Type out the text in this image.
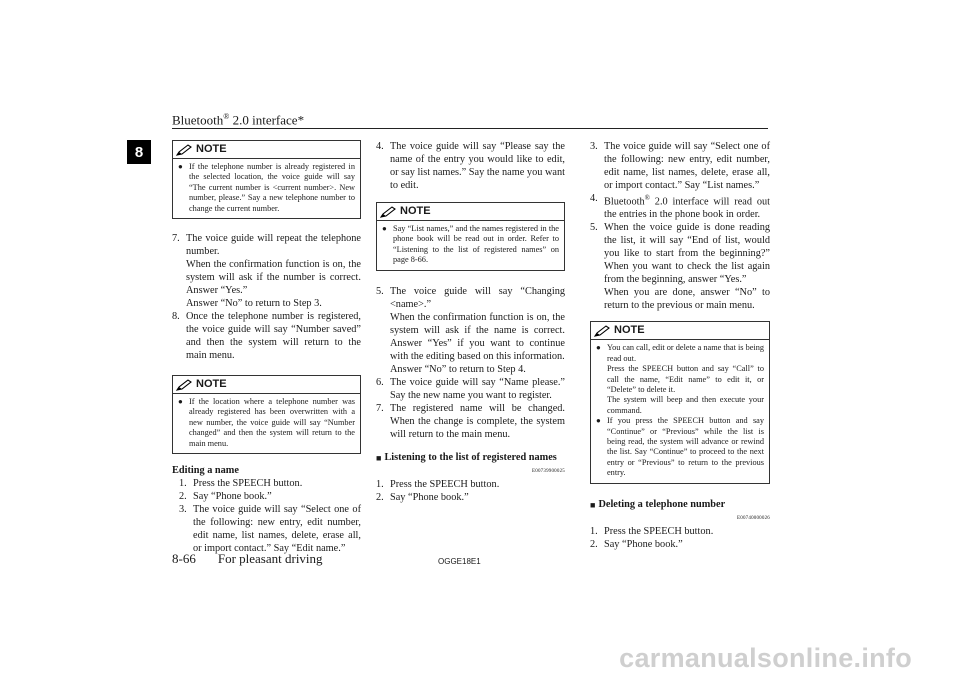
Bluetooth® 2.0 interface*
8	NOTE
● If the telephone number is already registered in the selected location, the voice guide will say “The current number is <current number>. New number, please.” Say a new telephone number to change the current number.
7. The voice guide will repeat the telephone number.
When the confirmation function is on, the system will ask if the number is correct. Answer “Yes.”
Answer “No” to return to Step 3.
8. Once the telephone number is registered, the voice guide will say “Number saved” and then the system will return to the main menu.
NOTE
● If the location where a telephone number was already registered has been overwritten with a new number, the voice guide will say “Number changed” and then the system will return to the main menu.
Editing a name
1. Press the SPEECH button.
2. Say “Phone book.”
3. The voice guide will say “Select one of the following: new entry, edit number, edit name, list names, delete, erase all, or import contact.” Say “Edit name.”
4. The voice guide will say “Please say the name of the entry you would like to edit, or say list names.” Say the name you want to edit.
NOTE
● Say “List names,” and the names registered in the phone book will be read out in order. Refer to “Listening to the list of registered names” on page 8-66.
5. The voice guide will say “Changing <name>.”
When the confirmation function is on, the system will ask if the name is correct. Answer “Yes” if you want to continue with the editing based on this information.
Answer “No” to return to Step 4.
6. The voice guide will say “Name please.” Say the new name you want to register.
7. The registered name will be changed. When the change is complete, the system will return to the main menu.
■ Listening to the list of registered names
E00739900025
1. Press the SPEECH button.
2. Say “Phone book.”
3. The voice guide will say “Select one of the following: new entry, edit number, edit name, list names, delete, erase all, or import contact.” Say “List names.”
4. Bluetooth® 2.0 interface will read out the entries in the phone book in order.
5. When the voice guide is done reading the list, it will say “End of list, would you like to start from the beginning?” When you want to check the list again from the beginning, answer “Yes.”
When you are done, answer “No” to return to the previous or main menu.
NOTE
● You can call, edit or delete a name that is being read out.
Press the SPEECH button and say “Call” to call the name, “Edit name” to edit it, or “Delete” to delete it.
The system will beep and then execute your command.
● If you press the SPEECH button and say “Continue” or “Previous” while the list is being read, the system will advance or rewind the list. Say “Continue” to proceed to the next entry or “Previous” to return to the previous entry.
■ Deleting a telephone number
E00740000026
1. Press the SPEECH button.
2. Say “Phone book.”
8-66 For pleasant driving	OGGE18E1
carmanualsonline.info
